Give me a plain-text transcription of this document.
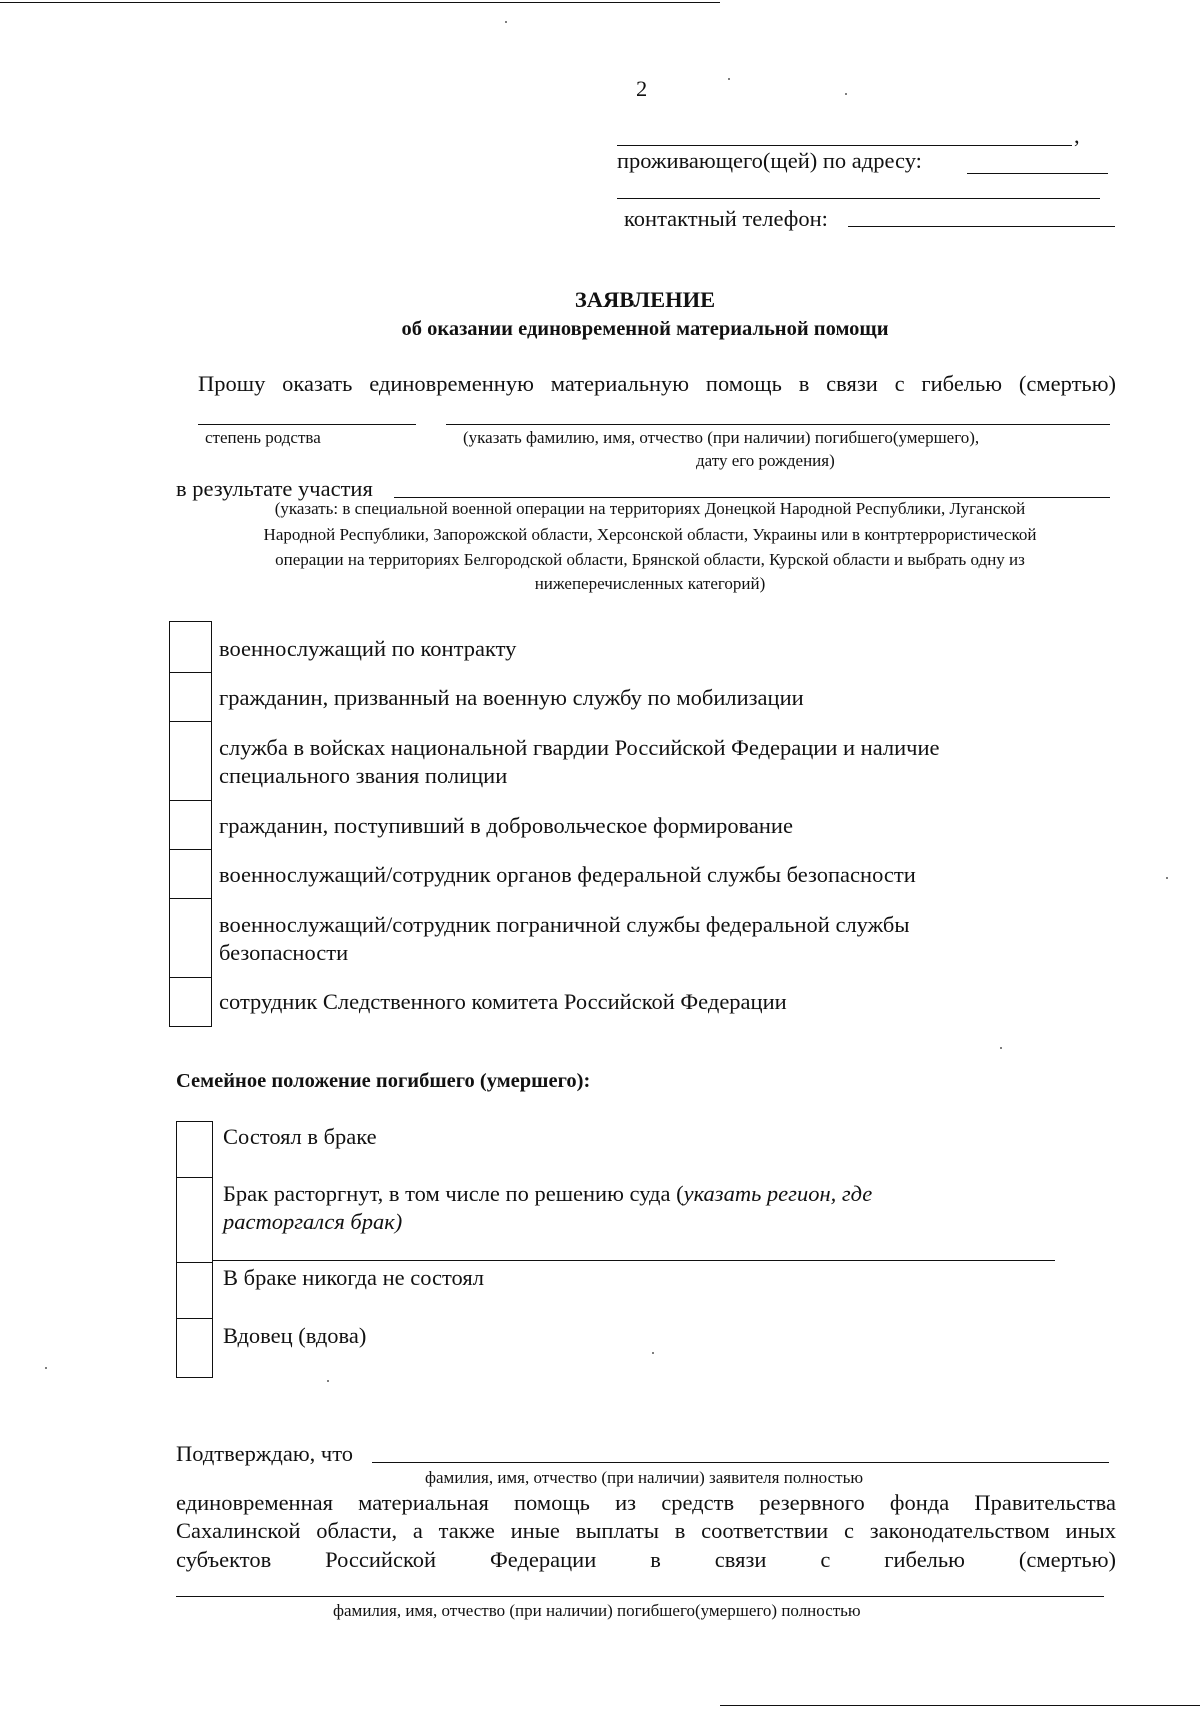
2
,
проживающего(щей) по адресу:
контактный телефон:
ЗАЯВЛЕНИЕ
об оказании единовременной материальной помощи
Прошу оказать единовременную материальную помощь в связи с гибелью (смертью)
степень родства	(указать фамилию, имя, отчество (при наличии) погибшего(умершего),
дату его рождения)
в результате участия
(указать: в специальной военной операции на территориях Донецкой Народной Республики, Луганской
Народной Республики, Запорожской области, Херсонской области, Украины или в контртеррористической
операции на территориях Белгородской области, Брянской области, Курской области и выбрать одну из
нижеперечисленных категорий)
военнослужащий по контракту
гражданин, призванный на военную службу по мобилизации
служба в войсках национальной гвардии Российской Федерации и наличие
специального звания полиции
гражданин, поступивший в добровольческое формирование
военнослужащий/сотрудник органов федеральной службы безопасности
военнослужащий/сотрудник пограничной службы федеральной службы
безопасности
сотрудник Следственного комитета Российской Федерации
Семейное положение погибшего (умершего):
Состоял в браке
Брак расторгнут, в том числе по решению суда (указать регион, где
расторгался брак)
В браке никогда не состоял
Вдовец (вдова)
Подтверждаю, что
фамилия, имя, отчество (при наличии) заявителя полностью
единовременная материальная помощь из средств резервного фонда Правительства
Сахалинской области, а также иные выплаты в соответствии с законодательством иных
субъектов Российской Федерации в связи с гибелью (смертью)
фамилия, имя, отчество (при наличии) погибшего(умершего) полностью
